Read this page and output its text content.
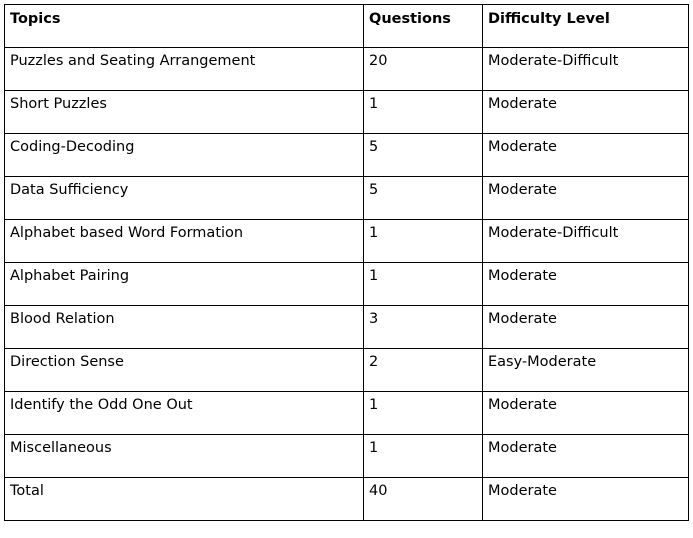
Topics	Questions	Difficulty Level
Puzzles and Seating Arrangement	20	Moderate-Difficult
Short Puzzles	1	Moderate
Coding-Decoding	5	Moderate
Data Sufficiency	5	Moderate
Alphabet based Word Formation	1	Moderate-Difficult
Alphabet Pairing	1	Moderate
Blood Relation	3	Moderate
Direction Sense	2	Easy-Moderate
Identify the Odd One Out	1	Moderate
Miscellaneous	1	Moderate
Total	40	Moderate
